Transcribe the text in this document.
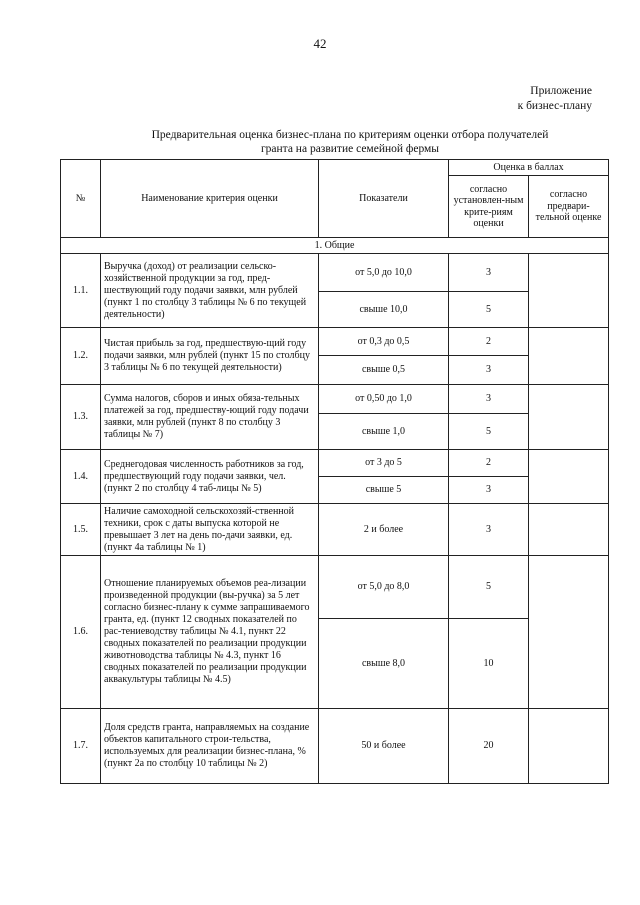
42
Приложение
к бизнес-плану
Предварительная оценка бизнес-плана по критериям оценки отбора получателей
гранта на развитие семейной фермы
№	Наименование критерия оценки	Показатели	Оценка в баллах	
			согласно установлен-ным крите-риям оценки	согласно предвари-тельной оценке
1. Общие				
1.1.	Выручка (доход) от реализации сельско-хозяйственной продукции за год, пред-шествующий году подачи заявки, млн рублей (пункт 1 по столбцу 3 таблицы № 6 по текущей деятельности)	от 5,0 до 10,0	3	
		свыше 10,0	5	
1.2.	Чистая прибыль за год, предшествую-щий году подачи заявки, млн рублей (пункт 15 по столбцу 3 таблицы № 6 по текущей деятельности)	от 0,3 до 0,5	2	
		свыше 0,5	3	
1.3.	Сумма налогов, сборов и иных обяза-тельных платежей за год, предшеству-ющий году подачи заявки, млн рублей (пункт 8 по столбцу 3 таблицы № 7)	от 0,50 до 1,0	3	
		свыше 1,0	5	
1.4.	Среднегодовая численность работников за год, предшествующий году подачи заявки, чел. (пункт 2 по столбцу 4 таб-лицы № 5)	от 3 до 5	2	
		свыше 5	3	
1.5.	Наличие самоходной сельскохозяй-ственной техники, срок с даты выпуска которой не превышает 3 лет на день по-дачи заявки, ед. (пункт 4а таблицы № 1)	2 и более	3	
1.6.	Отношение планируемых объемов реа-лизации произведенной продукции (вы-ручка) за 5 лет согласно бизнес-плану к сумме запрашиваемого гранта, ед. (пункт 12 сводных показателей по рас-тениеводству таблицы № 4.1, пункт 22 сводных показателей по реализации продукции животноводства таблицы № 4.3, пункт 16 сводных показателей по реализации продукции аквакультуры таблицы № 4.5)	от 5,0 до 8,0	5	
		свыше 8,0	10	
1.7.	Доля средств гранта, направляемых на создание объектов капитального строи-тельства, используемых для реализации бизнес-плана, % (пункт 2а по столбцу 10 таблицы № 2)	50 и более	20	
